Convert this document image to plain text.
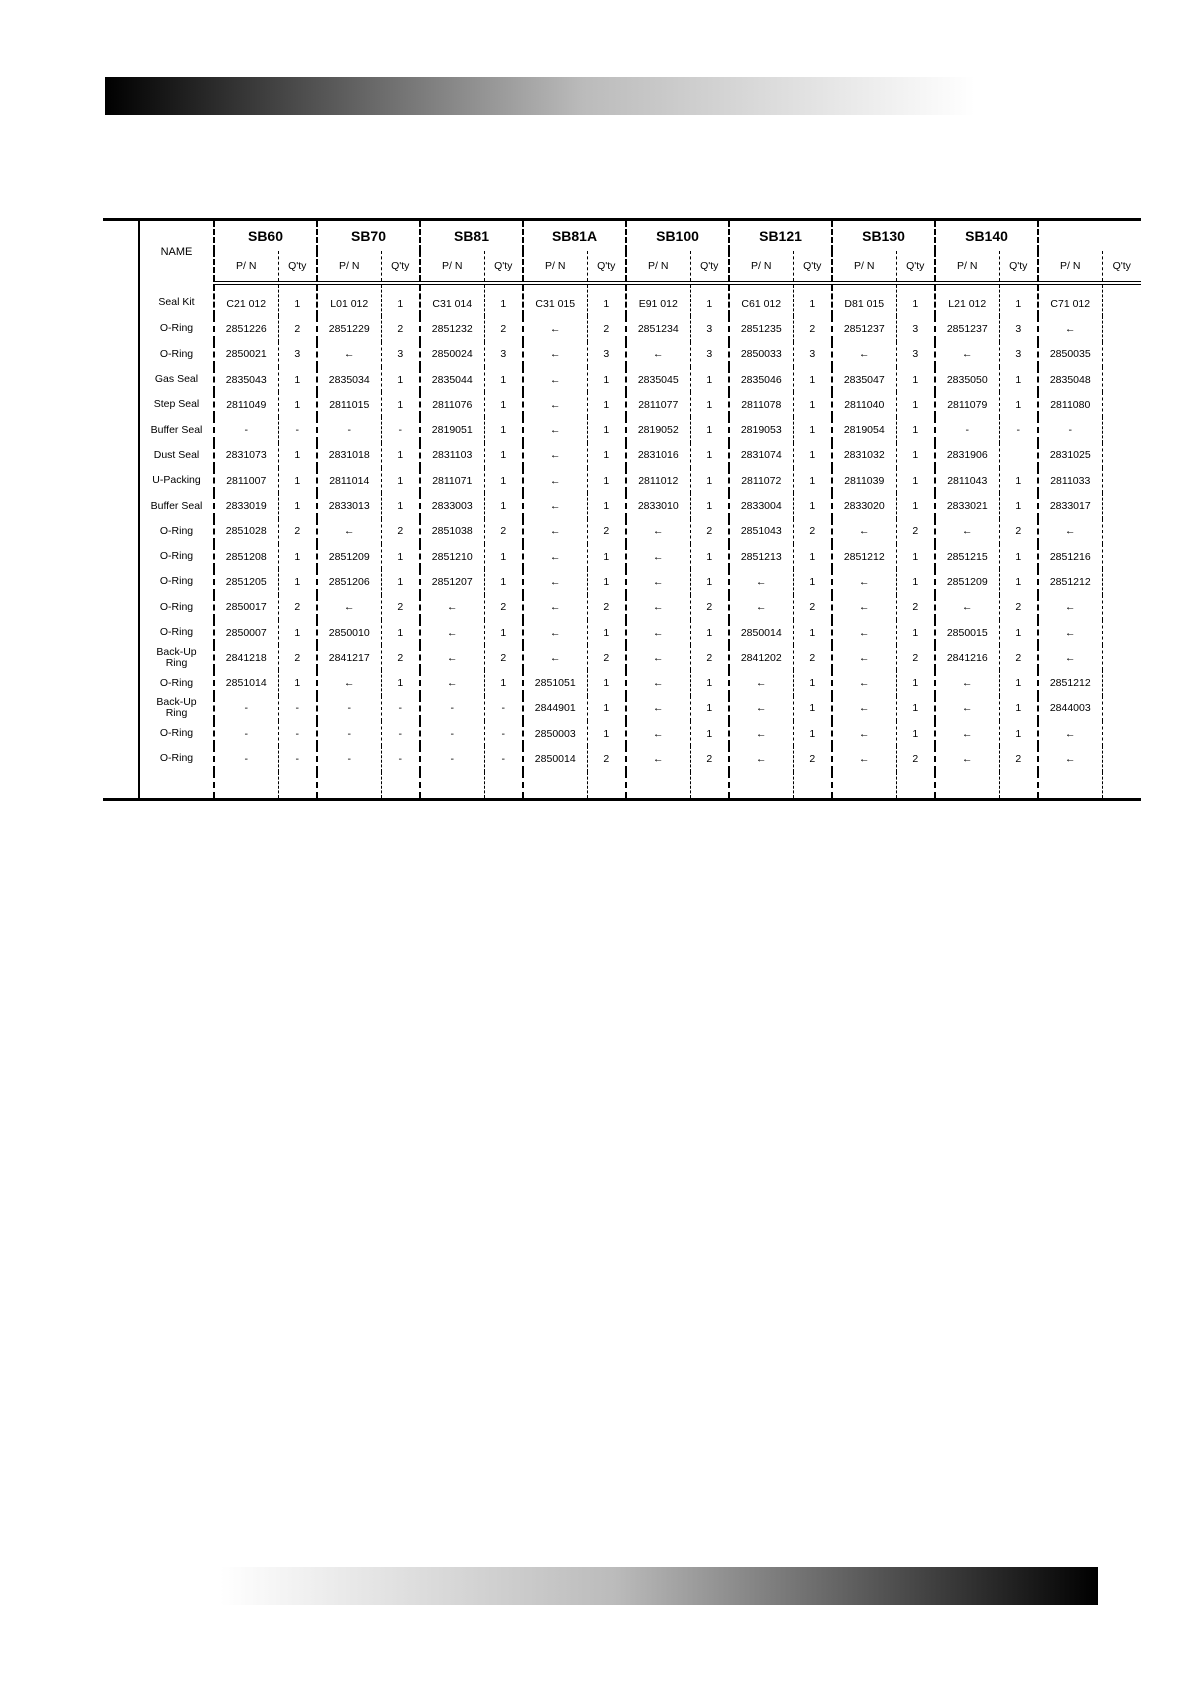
	NAME	SB60		SB70		SB81		SB81A		SB100		SB121		SB130		SB140			
		P/ N	Q'ty	P/ N	Q'ty	P/ N	Q'ty	P/ N	Q'ty	P/ N	Q'ty	P/ N	Q'ty	P/ N	Q'ty	P/ N	Q'ty	P/ N	Q'ty
	Seal Kit	C21 012	1	L01 012	1	C31 014	1	C31 015	1	E91 012	1	C61 012	1	D81 015	1	L21 012	1	C71 012	
	O-Ring	2851226	2	2851229	2	2851232	2	←	2	2851234	3	2851235	2	2851237	3	2851237	3	←	
	O-Ring	2850021	3	←	3	2850024	3	←	3	←	3	2850033	3	←	3	←	3	2850035	
	Gas Seal	2835043	1	2835034	1	2835044	1	←	1	2835045	1	2835046	1	2835047	1	2835050	1	2835048	
	Step Seal	2811049	1	2811015	1	2811076	1	←	1	2811077	1	2811078	1	2811040	1	2811079	1	2811080	
	Buffer Seal	-	-	-	-	2819051	1	←	1	2819052	1	2819053	1	2819054	1	-	-	-	
	Dust Seal	2831073	1	2831018	1	2831103	1	←	1	2831016	1	2831074	1	2831032	1	2831906		2831025	
	U-Packing	2811007	1	2811014	1	2811071	1	←	1	2811012	1	2811072	1	2811039	1	2811043	1	2811033	
	Buffer Seal	2833019	1	2833013	1	2833003	1	←	1	2833010	1	2833004	1	2833020	1	2833021	1	2833017	
	O-Ring	2851028	2	←	2	2851038	2	←	2	←	2	2851043	2	←	2	←	2	←	
	O-Ring	2851208	1	2851209	1	2851210	1	←	1	←	1	2851213	1	2851212	1	2851215	1	2851216	
	O-Ring	2851205	1	2851206	1	2851207	1	←	1	←	1	←	1	←	1	2851209	1	2851212	
	O-Ring	2850017	2	←	2	←	2	←	2	←	2	←	2	←	2	←	2	←	
	O-Ring	2850007	1	2850010	1	←	1	←	1	←	1	2850014	1	←	1	2850015	1	←	
	Back-Up
Ring	2841218	2	2841217	2	←	2	←	2	←	2	2841202	2	←	2	2841216	2	←	
	O-Ring	2851014	1	←	1	←	1	2851051	1	←	1	←	1	←	1	←	1	2851212	
	Back-Up
Ring	-	-	-	-	-	-	2844901	1	←	1	←	1	←	1	←	1	2844003	
	O-Ring	-	-	-	-	-	-	2850003	1	←	1	←	1	←	1	←	1	←	
	O-Ring	-	-	-	-	-	-	2850014	2	←	2	←	2	←	2	←	2	←	
